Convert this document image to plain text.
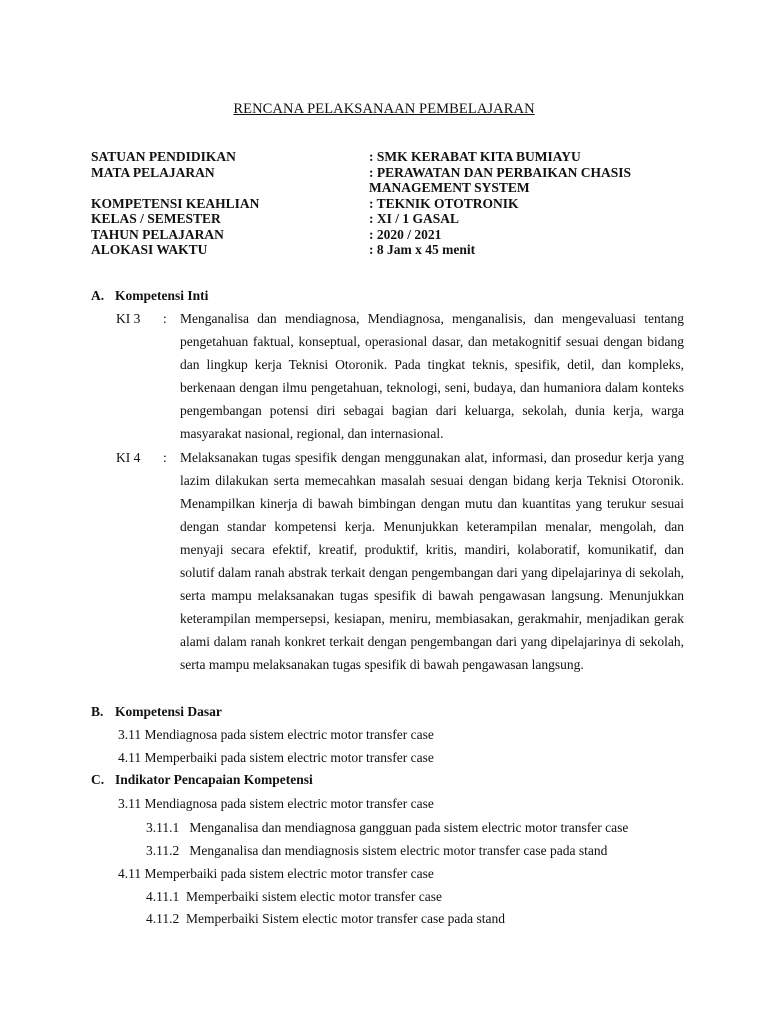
RENCANA PELAKSANAAN PEMBELAJARAN
SATUAN PENDIDIKAN	: SMK KERABAT KITA BUMIAYU
MATA PELAJARAN	: PERAWATAN DAN PERBAIKAN CHASIS
MANAGEMENT SYSTEM
KOMPETENSI KEAHLIAN	: TEKNIK OTOTRONIK
KELAS / SEMESTER	: XI / 1 GASAL
TAHUN PELAJARAN	: 2020 / 2021
ALOKASI WAKTU	: 8 Jam x 45 menit
A. Kompetensi Inti
KI 3 : Menganalisa dan mendiagnosa, Mendiagnosa, menganalisis, dan mengevaluasi tentang pengetahuan faktual, konseptual, operasional dasar, dan metakognitif sesuai dengan bidang dan lingkup kerja Teknisi Otoronik. Pada tingkat teknis, spesifik, detil, dan kompleks, berkenaan dengan ilmu pengetahuan, teknologi, seni, budaya, dan humaniora dalam konteks pengembangan potensi diri sebagai bagian dari keluarga, sekolah, dunia kerja, warga masyarakat nasional, regional, dan internasional.
KI 4 : Melaksanakan tugas spesifik dengan menggunakan alat, informasi, dan prosedur kerja yang lazim dilakukan serta memecahkan masalah sesuai dengan bidang kerja Teknisi Otoronik. Menampilkan kinerja di bawah bimbingan dengan mutu dan kuantitas yang terukur sesuai dengan standar kompetensi kerja. Menunjukkan keterampilan menalar, mengolah, dan menyaji secara efektif, kreatif, produktif, kritis, mandiri, kolaboratif, komunikatif, dan solutif dalam ranah abstrak terkait dengan pengembangan dari yang dipelajarinya di sekolah, serta mampu melaksanakan tugas spesifik di bawah pengawasan langsung. Menunjukkan keterampilan mempersepsi, kesiapan, meniru, membiasakan, gerakmahir, menjadikan gerak alami dalam ranah konkret terkait dengan pengembangan dari yang dipelajarinya di sekolah, serta mampu melaksanakan tugas spesifik di bawah pengawasan langsung.
B. Kompetensi Dasar
3.11 Mendiagnosa pada sistem electric motor transfer case
4.11 Memperbaiki pada sistem electric motor transfer case
C. Indikator Pencapaian Kompetensi
3.11 Mendiagnosa pada sistem electric motor transfer case
3.11.1   Menganalisa dan mendiagnosa gangguan pada sistem electric motor transfer case
3.11.2   Menganalisa dan mendiagnosis sistem electric motor transfer case pada stand
4.11 Memperbaiki pada sistem electric motor transfer case
4.11.1  Memperbaiki sistem electic motor transfer case
4.11.2  Memperbaiki Sistem electic motor transfer case pada stand
